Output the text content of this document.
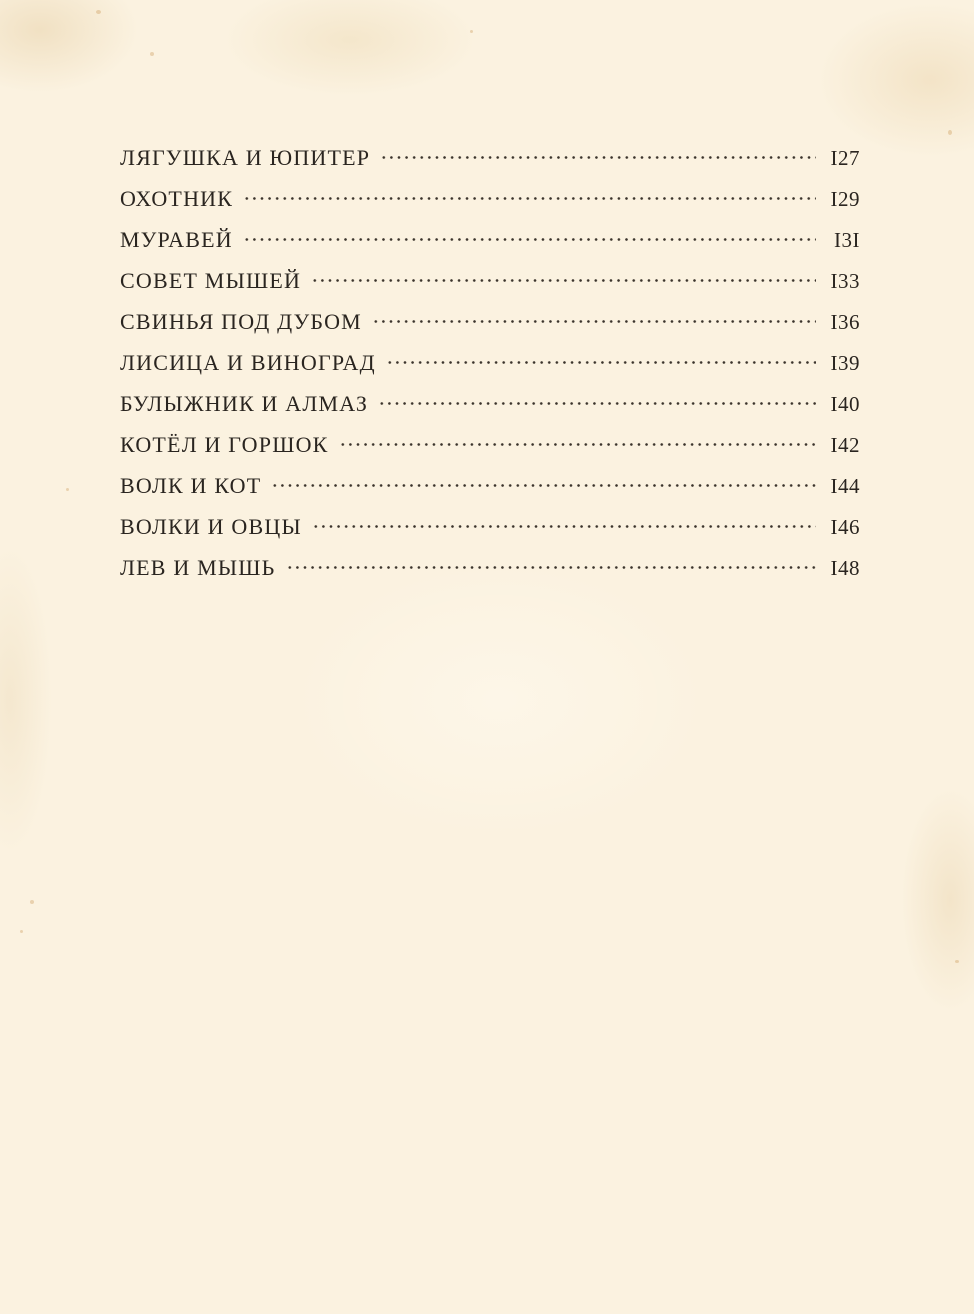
ЛЯГУШКА И ЮПИТЕР	I27
ОХОТНИК	I29
МУРАВЕЙ	I3I
СОВЕТ МЫШЕЙ	I33
СВИНЬЯ ПОД ДУБОМ	I36
ЛИСИЦА И ВИНОГРАД	I39
БУЛЫЖНИК И АЛМАЗ	I40
КОТЁЛ И ГОРШОК	I42
ВОЛК И КОТ	I44
ВОЛКИ И ОВЦЫ	I46
ЛЕВ И МЫШЬ	I48
